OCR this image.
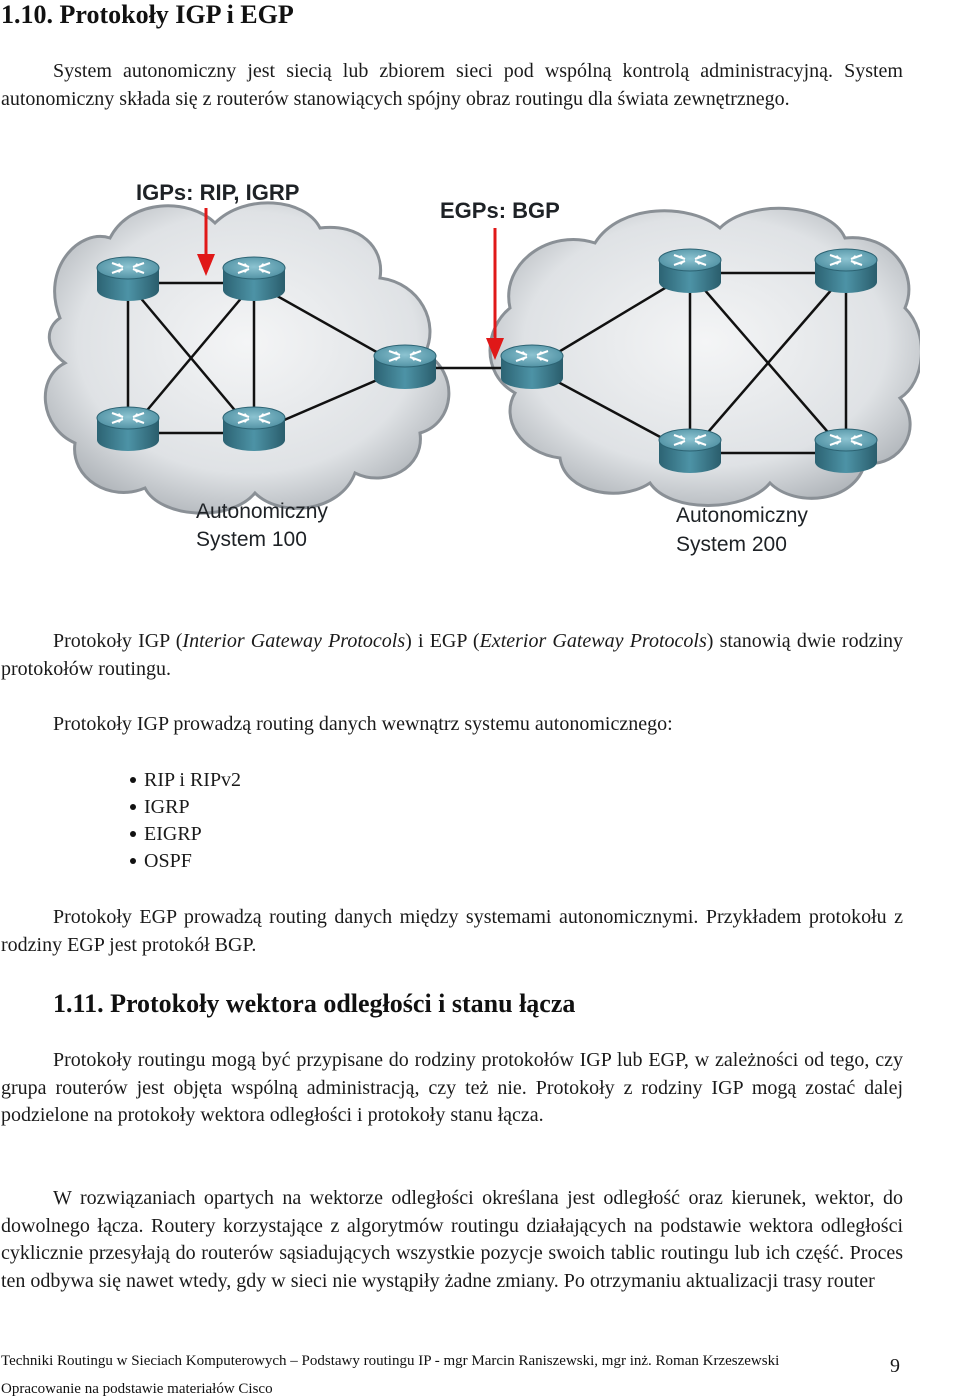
1.10. Protokoły IGP i EGP

System autonomiczny jest siecią lub zbiorem sieci pod wspólną kontrolą administracyjną. System autonomiczny składa się z routerów stanowiących spójny obraz routingu dla świata zewnętrznego.

IGPs: RIP, IGRP
EGPs: BGP
Autonomiczny
System 100
Autonomiczny
System 200

Protokoły IGP (Interior Gateway Protocols) i EGP (Exterior Gateway Protocols) stanowią dwie rodziny protokołów routingu.

Protokoły IGP prowadzą routing danych wewnątrz systemu autonomicznego:

RIP i RIPv2
IGRP
EIGRP
OSPF

Protokoły EGP prowadzą routing danych między systemami autonomicznymi. Przykładem protokołu z rodziny EGP jest protokół BGP.

1.11. Protokoły wektora odległości i stanu łącza

Protokoły routingu mogą być przypisane do rodziny protokołów IGP lub EGP, w zależności od tego, czy grupa routerów jest objęta wspólną administracją, czy też nie. Protokoły z rodziny IGP mogą zostać dalej podzielone na protokoły wektora odległości i protokoły stanu łącza.

W rozwiązaniach opartych na wektorze odległości określana jest odległość oraz kierunek, wektor, do dowolnego łącza. Routery korzystające z algorytmów routingu działających na podstawie wektora odległości cyklicznie przesyłają do routerów sąsiadujących wszystkie pozycje swoich tablic routingu lub ich część. Proces ten odbywa się nawet wtedy, gdy w sieci nie wystąpiły żadne zmiany. Po otrzymaniu aktualizacji trasy router

Techniki Routingu w Sieciach Komputerowych – Podstawy routingu IP - mgr Marcin Raniszewski, mgr inż. Roman Krzeszewski
Opracowanie na podstawie materiałów Cisco
9
